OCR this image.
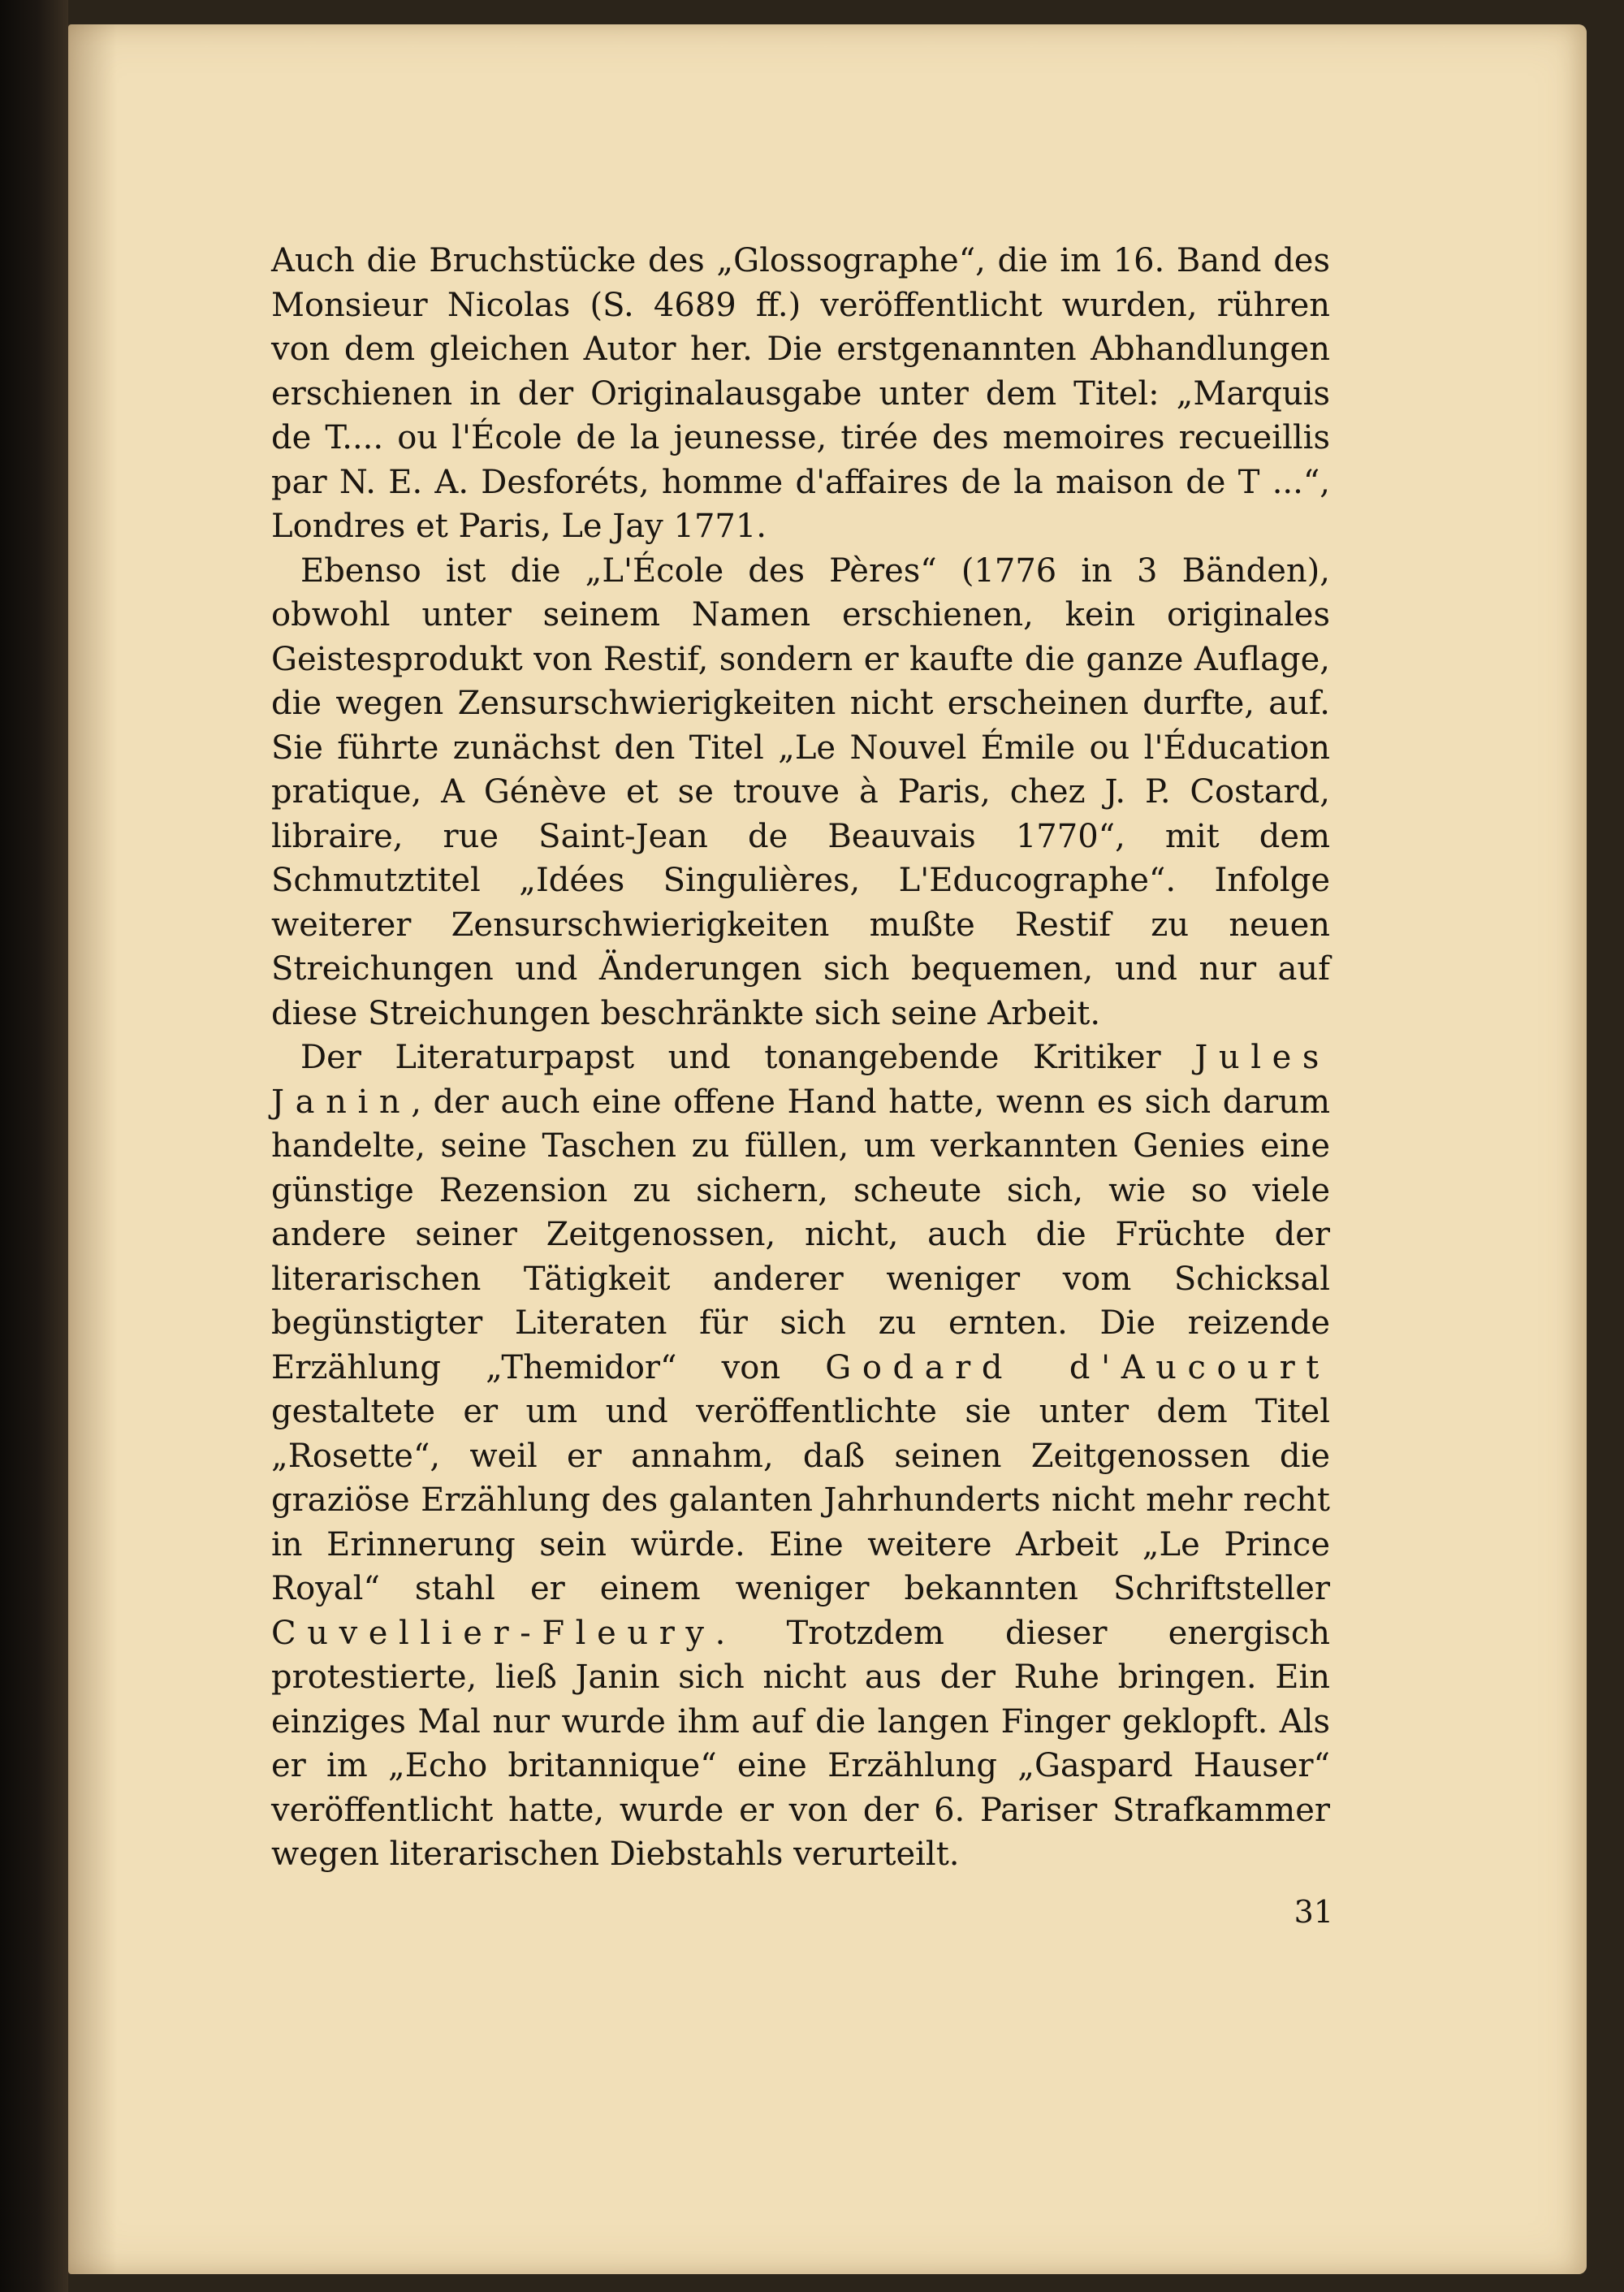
Auch die Bruchstücke des „Glossographe“, die im 16. Band des Monsieur Nicolas (S. 4689 ff.) veröffentlicht wurden, rühren von dem gleichen Autor her. Die erstgenannten Abhandlungen erschienen in der Originalausgabe unter dem Titel: „Marquis de T.... ou l'École de la jeunesse, tirée des memoires recueillis par N. E. A. Desforéts, homme d'affaires de la maison de T ...“, Londres et Paris, Le Jay 1771.

Ebenso ist die „L'École des Pères“ (1776 in 3 Bänden), obwohl unter seinem Namen erschienen, kein originales Geistesprodukt von Restif, sondern er kaufte die ganze Auflage, die wegen Zensurschwierigkeiten nicht erscheinen durfte, auf. Sie führte zunächst den Titel „Le Nouvel Émile ou l'Éducation pratique, A Génève et se trouve à Paris, chez J. P. Costard, libraire, rue Saint-Jean de Beauvais 1770“, mit dem Schmutztitel „Idées Singulières, L'Educographe“. Infolge weiterer Zensurschwierigkeiten mußte Restif zu neuen Streichungen und Änderungen sich bequemen, und nur auf diese Streichungen beschränkte sich seine Arbeit.

Der Literaturpapst und tonangebende Kritiker Jules Janin, der auch eine offene Hand hatte, wenn es sich darum handelte, seine Taschen zu füllen, um verkannten Genies eine günstige Rezension zu sichern, scheute sich, wie so viele andere seiner Zeitgenossen, nicht, auch die Früchte der literarischen Tätigkeit anderer weniger vom Schicksal begünstigter Literaten für sich zu ernten. Die reizende Erzählung „Themidor“ von Godard d'Aucourt gestaltete er um und veröffentlichte sie unter dem Titel „Rosette“, weil er annahm, daß seinen Zeitgenossen die graziöse Erzählung des galanten Jahrhunderts nicht mehr recht in Erinnerung sein würde. Eine weitere Arbeit „Le Prince Royal“ stahl er einem weniger bekannten Schriftsteller Cuvellier-Fleury. Trotzdem dieser energisch protestierte, ließ Janin sich nicht aus der Ruhe bringen. Ein einziges Mal nur wurde ihm auf die langen Finger geklopft. Als er im „Echo britannique“ eine Erzählung „Gaspard Hauser“ veröffentlicht hatte, wurde er von der 6. Pariser Strafkammer wegen literarischen Diebstahls verurteilt.

31
